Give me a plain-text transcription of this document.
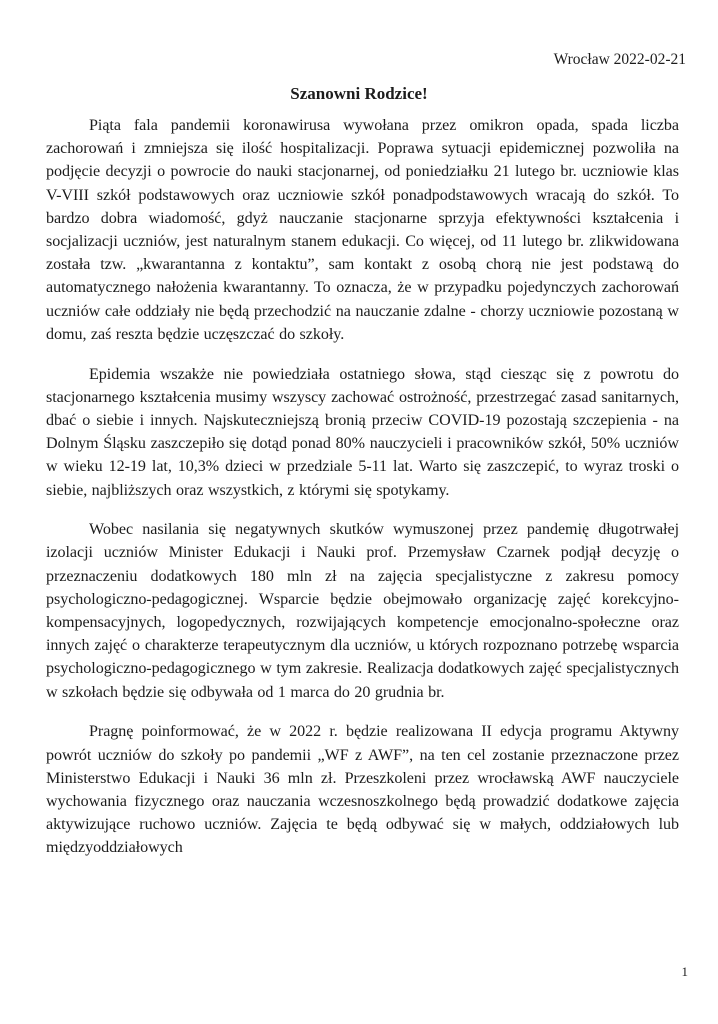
Wrocław 2022-02-21
Szanowni Rodzice!

Piąta fala pandemii koronawirusa wywołana przez omikron opada, spada liczba zachorowań i zmniejsza się ilość hospitalizacji. Poprawa sytuacji epidemicznej pozwoliła na podjęcie decyzji o powrocie do nauki stacjonarnej, od poniedziałku 21 lutego br. uczniowie klas V-VIII szkół podstawowych oraz uczniowie szkół ponadpodstawowych wracają do szkół. To bardzo dobra wiadomość, gdyż nauczanie stacjonarne sprzyja efektywności kształcenia i socjalizacji uczniów, jest naturalnym stanem edukacji. Co więcej, od 11 lutego br. zlikwidowana została tzw. „kwarantanna z kontaktu”, sam kontakt z osobą chorą nie jest podstawą do automatycznego nałożenia kwarantanny. To oznacza, że w przypadku pojedynczych zachorowań uczniów całe oddziały nie będą przechodzić na nauczanie zdalne - chorzy uczniowie pozostaną w domu, zaś reszta będzie uczęszczać do szkoły.

Epidemia wszakże nie powiedziała ostatniego słowa, stąd ciesząc się z powrotu do stacjonarnego kształcenia musimy wszyscy zachować ostrożność, przestrzegać zasad sanitarnych, dbać o siebie i innych. Najskuteczniejszą bronią przeciw COVID-19 pozostają szczepienia - na Dolnym Śląsku zaszczepiło się dotąd ponad 80% nauczycieli i pracowników szkół, 50% uczniów w wieku 12-19 lat, 10,3% dzieci w przedziale 5-11 lat. Warto się zaszczepić, to wyraz troski o siebie, najbliższych oraz wszystkich, z którymi się spotykamy.

Wobec nasilania się negatywnych skutków wymuszonej przez pandemię długotrwałej izolacji uczniów Minister Edukacji i Nauki prof. Przemysław Czarnek podjął decyzję o przeznaczeniu dodatkowych 180 mln zł na zajęcia specjalistyczne z zakresu pomocy psychologiczno-pedagogicznej. Wsparcie będzie obejmowało organizację zajęć korekcyjno-kompensacyjnych, logopedycznych, rozwijających kompetencje emocjonalno-społeczne oraz innych zajęć o charakterze terapeutycznym dla uczniów, u których rozpoznano potrzebę wsparcia psychologiczno-pedagogicznego w tym zakresie. Realizacja dodatkowych zajęć specjalistycznych w szkołach będzie się odbywała od 1 marca do 20 grudnia br.

Pragnę poinformować, że w 2022 r. będzie realizowana II edycja programu Aktywny powrót uczniów do szkoły po pandemii „WF z AWF”, na ten cel zostanie przeznaczone przez Ministerstwo Edukacji i Nauki 36 mln zł. Przeszkoleni przez wrocławską AWF nauczyciele wychowania fizycznego oraz nauczania wczesnoszkolnego będą prowadzić dodatkowe zajęcia aktywizujące ruchowo uczniów. Zajęcia te będą odbywać się w małych, oddziałowych lub międzyoddziałowych

1
